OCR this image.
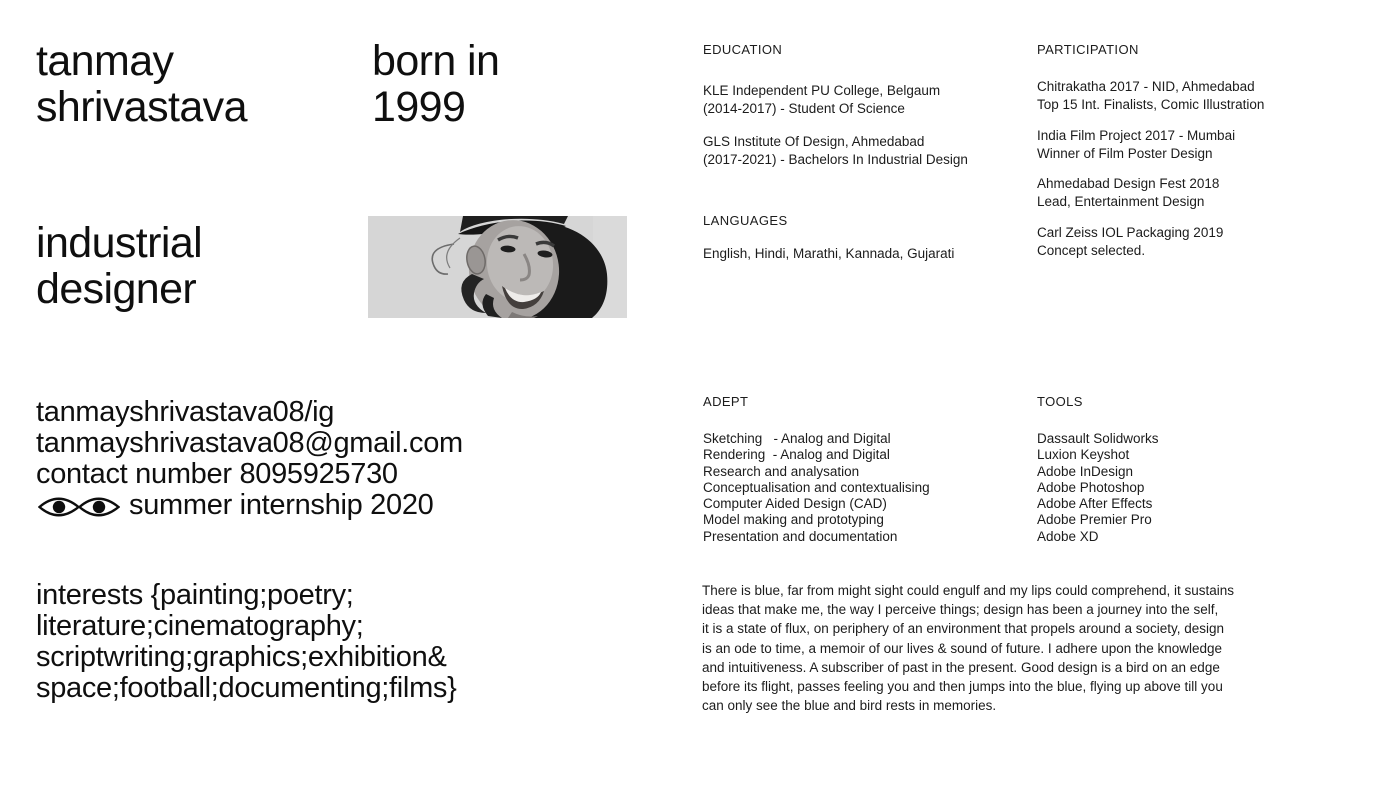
tanmay
shrivastava
born in
1999
industrial
designer
tanmayshrivastava08/ig
tanmayshrivastava08@gmail.com
contact number 8095925730
summer internship 2020
interests {painting;poetry;
literature;cinematography;
scriptwriting;graphics;exhibition&
space;football;documenting;films}
EDUCATION
KLE Independent PU College, Belgaum
(2014-2017) - Student Of Science
GLS Institute Of Design, Ahmedabad
(2017-2021) - Bachelors In Industrial Design
LANGUAGES
English, Hindi, Marathi, Kannada, Gujarati
PARTICIPATION
Chitrakatha 2017 - NID, Ahmedabad
Top 15 Int. Finalists, Comic Illustration
India Film Project 2017 - Mumbai
Winner of Film Poster Design
Ahmedabad Design Fest 2018
Lead, Entertainment Design
Carl Zeiss IOL Packaging 2019
Concept selected.
ADEPT
Sketching   - Analog and Digital
Rendering  - Analog and Digital
Research and analysation
Conceptualisation and contextualising
Computer Aided Design (CAD)
Model making and prototyping
Presentation and documentation
TOOLS
Dassault Solidworks
Luxion Keyshot
Adobe InDesign
Adobe Photoshop
Adobe After Effects
Adobe Premier Pro
Adobe XD
There is blue, far from might sight could engulf and my lips could comprehend, it sustains
ideas that make me, the way I perceive things; design has been a journey into the self,
it is a state of flux, on periphery of an environment that propels around a society, design
is an ode to time, a memoir of our lives & sound of future. I adhere upon the knowledge
and intuitiveness. A subscriber of past in the present. Good design is a bird on an edge
before its flight, passes feeling you and then jumps into the blue, flying up above till you
can only see the blue and bird rests in memories.
